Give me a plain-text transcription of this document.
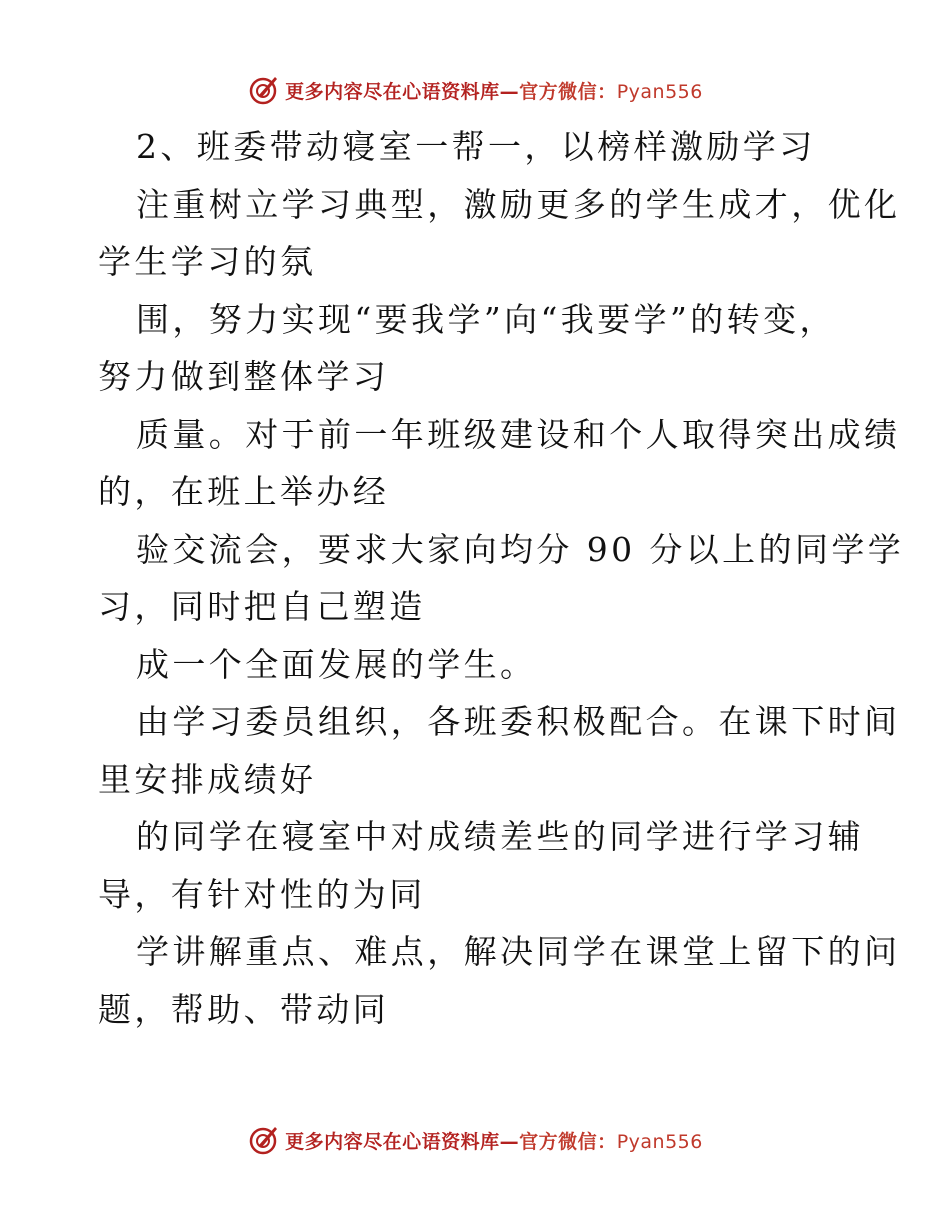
更多内容尽在心语资料库—官方微信：Pyan556
2、班委带动寝室一帮一，以榜样激励学习
注重树立学习典型，激励更多的学生成才，优化
学生学习的氛
围，努力实现“要我学”向“我要学”的转变，
努力做到整体学习
质量。对于前一年班级建设和个人取得突出成绩
的，在班上举办经
验交流会，要求大家向均分 90 分以上的同学学
习，同时把自己塑造
成一个全面发展的学生。
由学习委员组织，各班委积极配合。在课下时间
里安排成绩好
的同学在寝室中对成绩差些的同学进行学习辅
导，有针对性的为同
学讲解重点、难点，解决同学在课堂上留下的问
题，帮助、带动同
更多内容尽在心语资料库—官方微信：Pyan556
